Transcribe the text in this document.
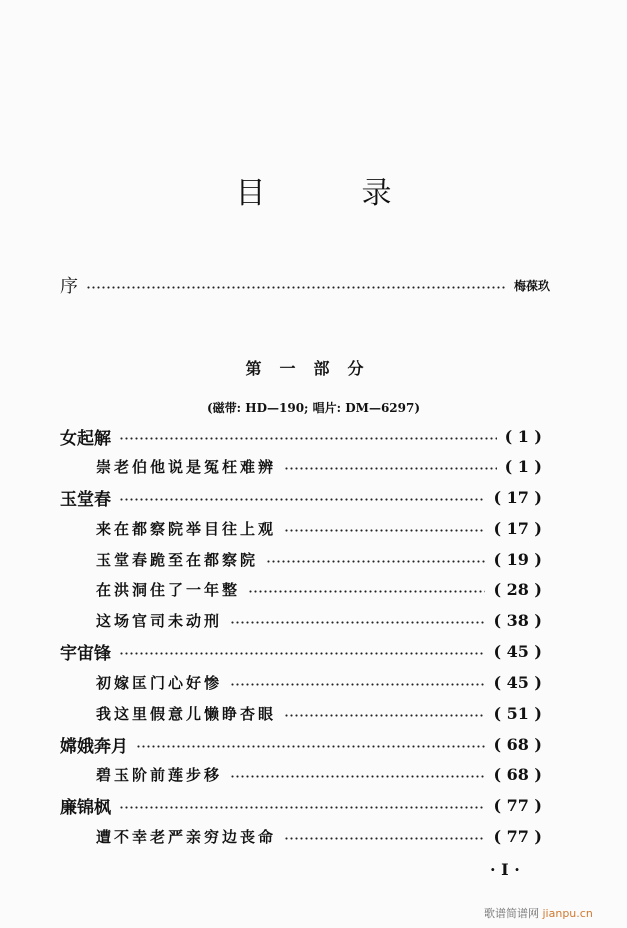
目	录
序	梅葆玖
第一部分
(磁带: HD—190; 唱片: DM—6297)
女起解	( 1 )
崇老伯他说是冤枉难辨	( 1 )
玉堂春	( 17 )
来在都察院举目往上观	( 17 )
玉堂春跪至在都察院	( 19 )
在洪洞住了一年整	( 28 )
这场官司未动刑	( 38 )
宇宙锋	( 45 )
初嫁匡门心好惨	( 45 )
我这里假意儿懒睁杏眼	( 51 )
嫦娥奔月	( 68 )
碧玉阶前莲步移	( 68 )
廉锦枫	( 77 )
遭不幸老严亲穷边丧命	( 77 )
· I ·
歌谱简谱网 jianpu.cn
